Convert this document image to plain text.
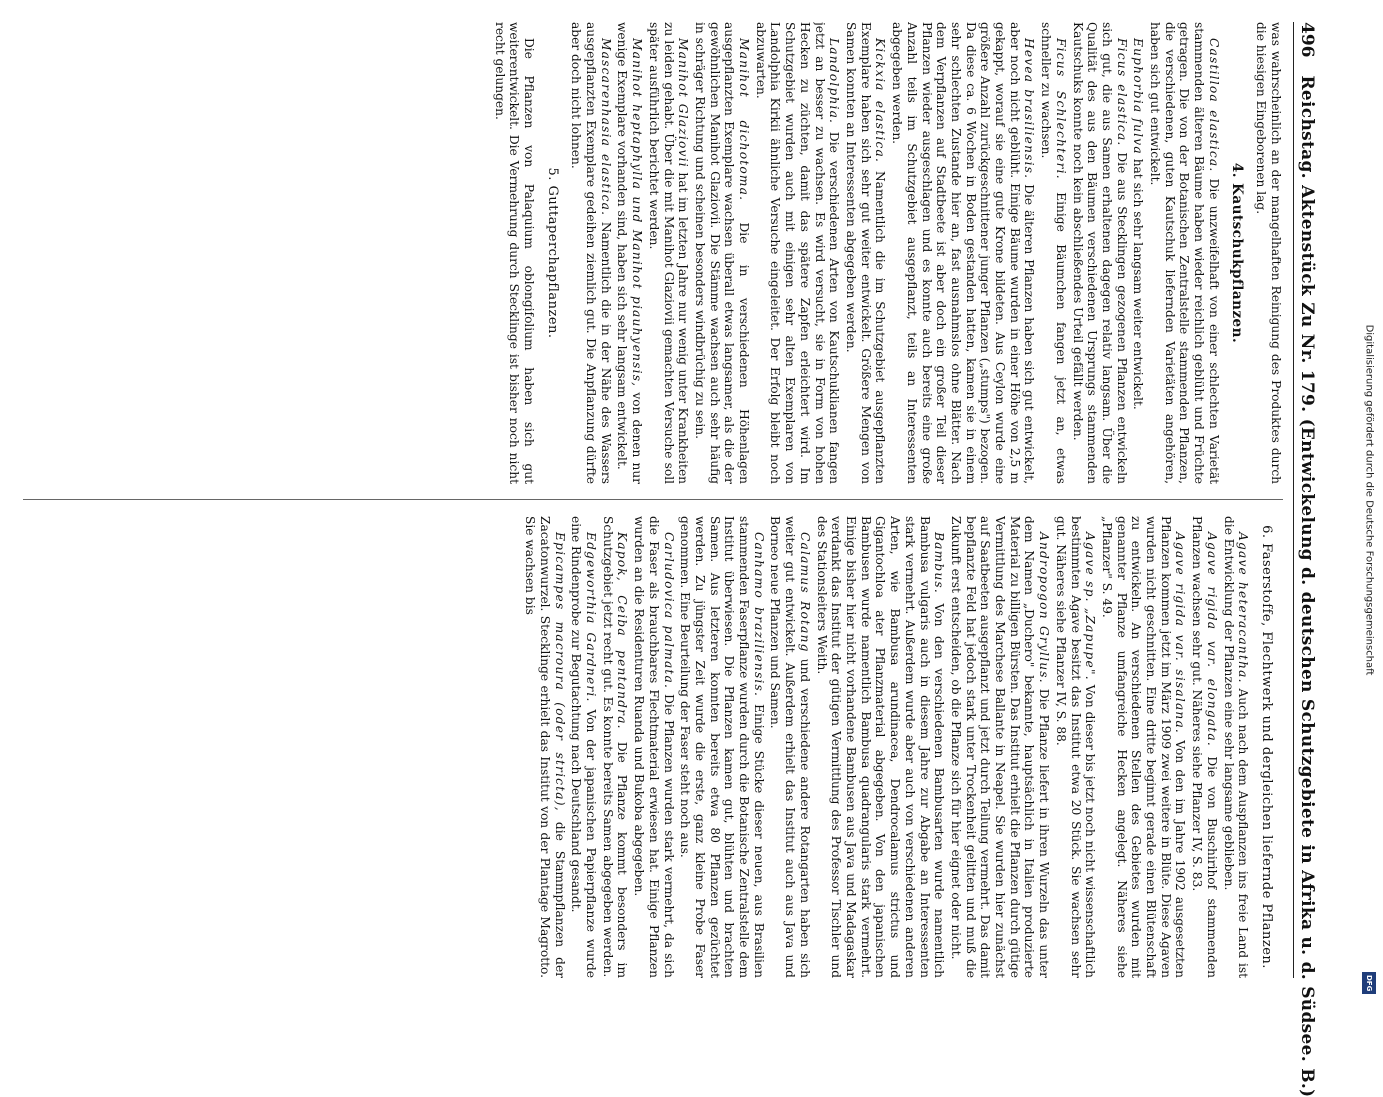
Digitalisierung gefördert durch die Deutsche Forschungsgemeinschaft
DFG
496
Reichstag. Aktenstück Zu Nr. 179. (Entwickelung d. deutschen Schutzgebiete in Afrika u. d. Südsee. B.)

was wahrscheinlich an der mangelhaften Reinigung des Produktes durch die hiesigen Eingeborenen lag.

4. Kautschukpflanzen.

Castilloa elastica. Die unzweifelhaft von einer schlechten Varietät stammenden älteren Bäume haben wieder reichlich geblüht und Früchte getragen. Die von der Botanischen Zentralstelle stammenden Pflanzen, die verschiedenen, guten Kautschuk liefernden Varietäten angehören, haben sich gut entwickelt.

Euphorbia fulva hat sich sehr langsam weiter entwickelt.

Ficus elastica. Die aus Stecklingen gezogenen Pflanzen entwickeln sich gut, die aus Samen erhaltenen dagegen relativ langsam. Über die Qualität des aus den Bäumen verschiedenen Ursprungs stammenden Kautschuks konnte noch kein abschließendes Urteil gefällt werden.

Ficus Schlechteri. Einige Bäumchen fangen jetzt an, etwas schneller zu wachsen.

Hevea brasiliensis. Die älteren Pflanzen haben sich gut entwickelt, aber noch nicht geblüht. Einige Bäume wurden in einer Höhe von 2,5 m gekappt, worauf sie eine gute Krone bildeten. Aus Ceylon wurde eine größere Anzahl zurückgeschnittener junger Pflanzen („stumps") bezogen. Da diese ca. 6 Wochen in Boden gestanden hatten, kamen sie in einem sehr schlechten Zustande hier an, fast ausnahmslos ohne Blätter. Nach dem Verpflanzen auf Stadtbeete ist aber doch ein großer Teil dieser Pflanzen wieder ausgeschlagen und es konnte auch bereits eine große Anzahl teils im Schutzgebiet ausgepflanzt, teils an Interessenten abgegeben werden.

Kickxia elastica. Namentlich die im Schutzgebiet ausgepflanzten Exemplare haben sich sehr gut weiter entwickelt. Größere Mengen von Samen konnten an Interessenten abgegeben werden.

Landolphia. Die verschiedenen Arten von Kautschuklianen fangen jetzt an besser zu wachsen. Es wird versucht, sie in Form von hohen Hecken zu züchten, damit das spätere Zapfen erleichtert wird. Im Schutzgebiet wurden auch mit einigen sehr alten Exemplaren von Landolphia Kirkii ähnliche Versuche eingeleitet. Der Erfolg bleibt noch abzuwarten.

Manihot dichotoma. Die in verschiedenen Höhenlagen ausgepflanzten Exemplare wachsen überall etwas langsamer, als die der gewöhnlichen Manihot Glaziovii. Die Stämme wachsen auch sehr häufig in schräger Richtung und scheinen besonders windbrüchig zu sein.

Manihot Glaziovii hat im letzten Jahre nur wenig unter Krankheiten zu leiden gehabt. Über die mit Manihot Glaziovii gemachten Versuche soll später ausführlich berichtet werden.

Manihot heptaphylla und Manihot piauhyensis, von denen nur wenige Exemplare vorhanden sind, haben sich sehr langsam entwickelt.

Mascarenhasia elastica. Namentlich die in der Nähe des Wassers ausgepflanzten Exemplare gedeihen ziemlich gut. Die Anpflanzung dürfte aber doch nicht lohnen.

5. Guttaperchapflanzen.

Die Pflanzen von Palaquium oblongifolium haben sich gut weiterentwickelt. Die Vermehrung durch Stecklinge ist bisher noch nicht recht gelungen.

6. Faserstoffe, Flechtwerk und dergleichen liefernde Pflanzen.

Agave heteracantha. Auch nach dem Auspflanzen ins freie Land ist die Entwicklung der Pflanzen eine sehr langsame geblieben.

Agave rigida var. elongata. Die von Buschirihof stammenden Pflanzen wachsen sehr gut. Näheres siehe Pflanzer IV, S. 83.

Agave rigida var. sisalana. Von den im Jahre 1902 ausgesetzten Pflanzen kommen jetzt im März 1909 zwei weitere in Blüte. Diese Agaven wurden nicht geschnitten. Eine dritte beginnt gerade einen Blütenschaft zu entwickeln. An verschiedenen Stellen des Gebietes wurden mit genannter Pflanze umfangreiche Hecken angelegt. Näheres siehe „Pflanzer" S. 49.

Agave sp. „Zapupe". Von dieser bis jetzt noch nicht wissenschaftlich bestimmten Agave besitzt das Institut etwa 20 Stück. Sie wachsen sehr gut. Näheres siehe Pflanzer IV, S. 88.

Andropogon Gryllus. Die Pflanze liefert in ihren Wurzeln das unter dem Namen „Duchero" bekannte, hauptsächlich in Italien produzierte Material zu billigen Bürsten. Das Institut erhielt die Pflanzen durch gütige Vermittlung des Marchese Ballante in Neapel. Sie wurden hier zunächst auf Saatbeeten ausgepflanzt und jetzt durch Teilung vermehrt. Das damit bepflanzte Feld hat jedoch stark unter Trockenheit gelitten und muß die Zukunft erst entscheiden, ob die Pflanze sich für hier eignet oder nicht.

Bambus. Von den verschiedenen Bambusarten wurde namentlich Bambusa vulgaris auch in diesem Jahre zur Abgabe an Interessenten stark vermehrt. Außerdem wurde aber auch von verschiedenen anderen Arten, wie Bambusa arundinacea, Dendrocalamus strictus und Gigantochloa ater Pflanzmaterial abgegeben. Von den japanischen Bambusen wurde namentlich Bambusa quadrangularis stark vermehrt. Einige bisher hier nicht vorhandene Bambusen aus Java und Madagaskar verdankt das Institut der gütigen Vermittlung des Professor Tischler und des Stationsleiters Weith.

Calamus Rotang und verschiedene andere Rotangarten haben sich weiter gut entwickelt. Außerdem erhielt das Institut auch aus Java und Borneo neue Pflanzen und Samen.

Canhamo braziliensis. Einige Stücke dieser neuen, aus Brasilien stammenden Faserpflanze wurden durch die Botanische Zentralstelle dem Institut überwiesen. Die Pflanzen kamen gut, blühten und brachten Samen. Aus letzteren konnten bereits etwa 80 Pflanzen gezüchtet werden. Zu jüngster Zeit wurde die erste, ganz kleine Probe Faser genommen. Eine Beurteilung der Faser steht noch aus.

Carludovica palmata. Die Pflanzen wurden stark vermehrt, da sich die Faser als brauchbares Flechtmaterial erwiesen hat. Einige Pflanzen wurden an die Residenturen Ruanda und Bukoba abgegeben.

Kapok, Ceiba pentandra. Die Pflanze kommt besonders im Schutzgebiet jetzt recht gut. Es konnte bereits Samen abgegeben werden.

Edgeworthia Gardneri. Von der japanischen Papierpflanze wurde eine Rindenprobe zur Begutachtung nach Deutschland gesandt.

Epicampes macroura (oder stricta), die Stammpflanzen der Zacatonwurzel. Stecklinge erhielt das Institut von der Plantage Magrotto. Sie wachsen bis
